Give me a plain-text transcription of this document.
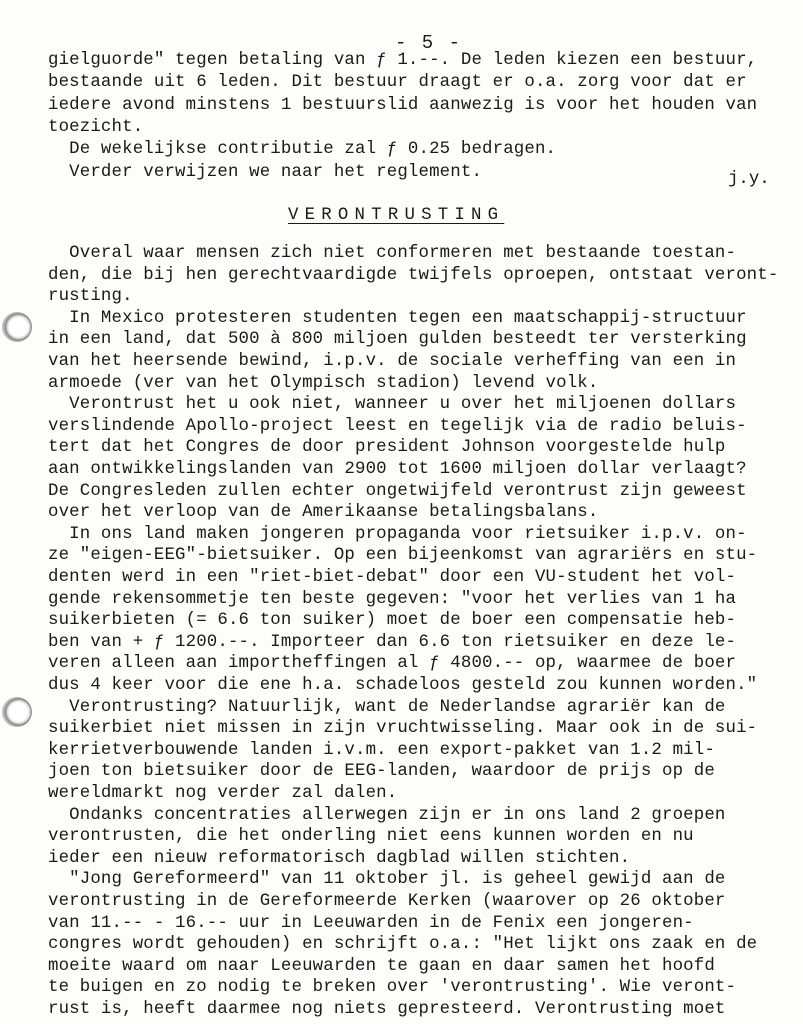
- 5 -
gielguorde" tegen betaling van ƒ 1.--. De leden kiezen een bestuur,
bestaande uit 6 leden. Dit bestuur draagt er o.a. zorg voor dat er
iedere avond minstens 1 bestuurslid aanwezig is voor het houden van
toezicht.
De wekelijkse contributie zal ƒ 0.25 bedragen.
Verder verwijzen we naar het reglement.	j.y.
VERONTRUSTING
Overal waar mensen zich niet conformeren met bestaande toestan-
den, die bij hen gerechtvaardigde twijfels oproepen, ontstaat veront-
rusting.
In Mexico protesteren studenten tegen een maatschappij-structuur
in een land, dat 500 à 800 miljoen gulden besteedt ter versterking
van het heersende bewind, i.p.v. de sociale verheffing van een in
armoede (ver van het Olympisch stadion) levend volk.
Verontrust het u ook niet, wanneer u over het miljoenen dollars
verslindende Apollo-project leest en tegelijk via de radio beluis-
tert dat het Congres de door president Johnson voorgestelde hulp
aan ontwikkelingslanden van 2900 tot 1600 miljoen dollar verlaagt?
De Congresleden zullen echter ongetwijfeld verontrust zijn geweest
over het verloop van de Amerikaanse betalingsbalans.
In ons land maken jongeren propaganda voor rietsuiker i.p.v. on-
ze "eigen-EEG"-bietsuiker. Op een bijeenkomst van agrariërs en stu-
denten werd in een "riet-biet-debat" door een VU-student het vol-
gende rekensommetje ten beste gegeven: "voor het verlies van 1 ha
suikerbieten (= 6.6 ton suiker) moet de boer een compensatie heb-
ben van + ƒ 1200.--. Importeer dan 6.6 ton rietsuiker en deze le-
veren alleen aan importheffingen al ƒ 4800.-- op, waarmee de boer
dus 4 keer voor die ene h.a. schadeloos gesteld zou kunnen worden."
Verontrusting? Natuurlijk, want de Nederlandse agrariër kan de
suikerbiet niet missen in zijn vruchtwisseling. Maar ook in de sui-
kerrietverbouwende landen i.v.m. een export-pakket van 1.2 mil-
joen ton bietsuiker door de EEG-landen, waardoor de prijs op de
wereldmarkt nog verder zal dalen.
Ondanks concentraties allerwegen zijn er in ons land 2 groepen
verontrusten, die het onderling niet eens kunnen worden en nu
ieder een nieuw reformatorisch dagblad willen stichten.
"Jong Gereformeerd" van 11 oktober jl. is geheel gewijd aan de
verontrusting in de Gereformeerde Kerken (waarover op 26 oktober
van 11.-- - 16.-- uur in Leeuwarden in de Fenix een jongeren-
congres wordt gehouden) en schrijft o.a.: "Het lijkt ons zaak en de
moeite waard om naar Leeuwarden te gaan en daar samen het hoofd
te buigen en zo nodig te breken over 'verontrusting'. Wie veront-
rust is, heeft daarmee nog niets gepresteerd. Verontrusting moet
